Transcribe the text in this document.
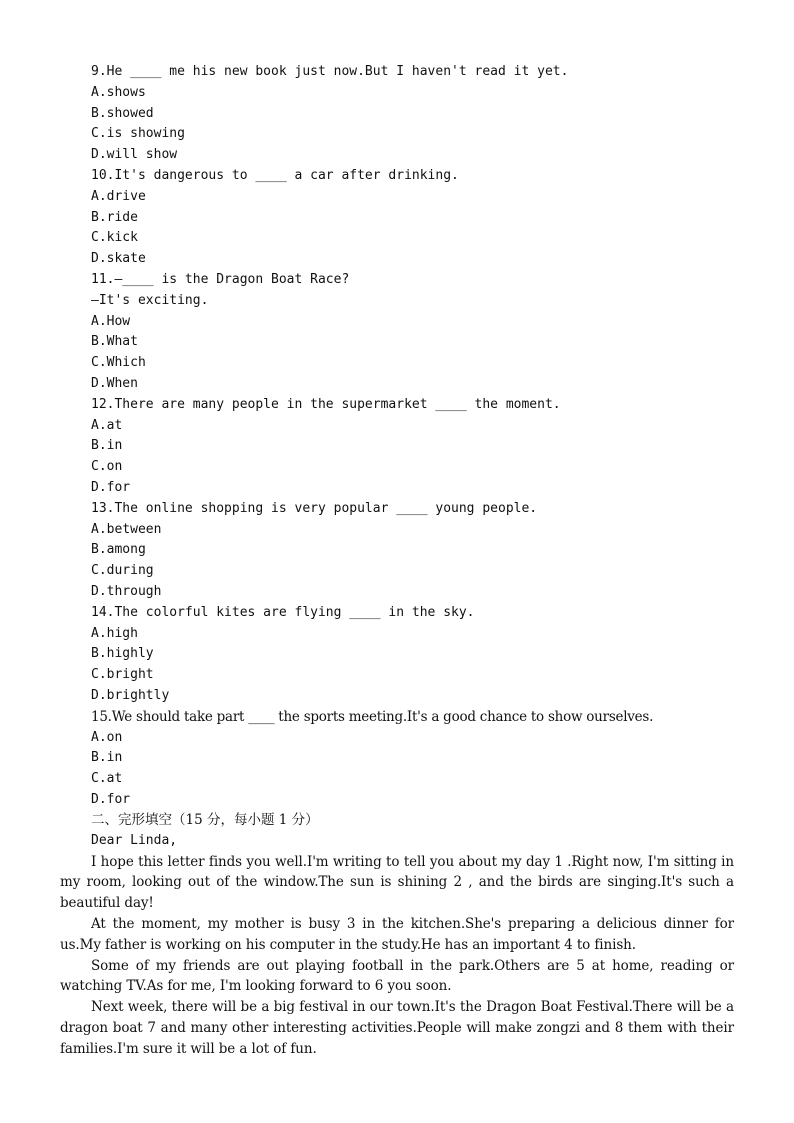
9.He ____ me his new book just now.But I haven't read it yet.

A.shows

B.showed

C.is showing

D.will show

10.It's dangerous to ____ a car after drinking.

A.drive

B.ride

C.kick

D.skate

11.—____ is the Dragon Boat Race?

—It's exciting.

A.How

B.What

C.Which

D.When

12.There are many people in the supermarket ____ the moment.

A.at

B.in

C.on

D.for

13.The online shopping is very popular ____ young people.

A.between

B.among

C.during

D.through

14.The colorful kites are flying ____ in the sky.

A.high

B.highly

C.bright

D.brightly

15.We should take part ____ the sports meeting.It's a good chance to show ourselves.

A.on

B.in

C.at

D.for

二、完形填空（15 分，每小题 1 分）

Dear Linda,

I hope this letter finds you well.I'm writing to tell you about my day 1 .Right now, I'm sitting in my room, looking out of the window.The sun is shining 2 , and the birds are singing.It's such a beautiful day!

At the moment, my mother is busy 3 in the kitchen.She's preparing a delicious dinner for us.My father is working on his computer in the study.He has an important 4 to finish.

Some of my friends are out playing football in the park.Others are 5 at home, reading or watching TV.As for me, I'm looking forward to 6 you soon.

Next week, there will be a big festival in our town.It's the Dragon Boat Festival.There will be a dragon boat 7 and many other interesting activities.People will make zongzi and 8 them with their families.I'm sure it will be a lot of fun.
